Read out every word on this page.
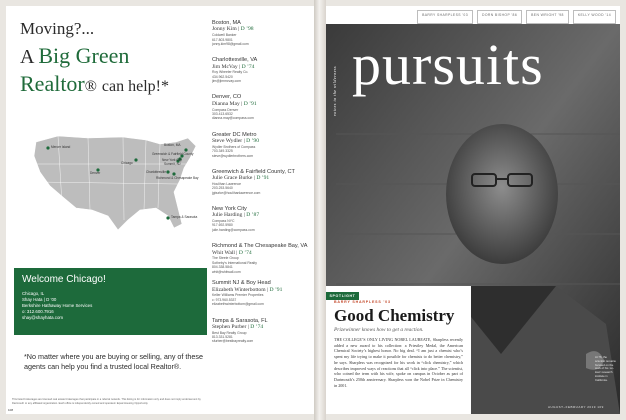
Moving?...
A Big Green
Realtor® can help!*
Mercer Island
Chicago
Boston, MA
Greenwich & Fairfield County
Summit, NJ
New York City
Charlottesville
Richmond & Chesapeake Bay
Denver
Tampa & Sarasota
Welcome Chicago!
Chicago, IL
Shay Hata | D ’00
Berkshire Hathaway Home Services
o: 312.600.7916
shay@shayhata.com
*No matter where you are buying or selling, any of these agents can help you find a trusted local Realtor®.
This listed brokerages are licensed real estate brokerages that participate in a referral network. This listing is for information only and does not imply endorsement by Dartmouth or any affiliated organization. Each office is independently owned and operated. Equal Housing Opportunity.
108
Boston, MA
Jonny Kim | D ’98
Coldwell Banker
617.803.9801
jonny.kim98@gmail.com
Charlottesville, VA
Jim McVay | D ’74
Roy Wheeler Realty Co.
434.962.5420
jim@jimmcvay.com
Denver, CO
Dianna May | D ’91
Compass Denver
303.413.6532
dianna.may@compass.com
Greater DC Metro
Steve Wydler | D ’90
Wydler Brothers of Compass
703.349.3325
steve@wydlerbrothers.com
Greenwich & Fairfield County, CT
Julie Grace Burke | D ’91
Houlihan Lawrence
203.253.5640
jgburke@houlihanlawrence.com
New York City
Julie Harding | D ’87
Compass NYC
917.692.5980
julie.harding@compass.com
Richmond & The Chesapeake Bay, VA
Whit Wall | D ’74
The Steele Group
Sotheby's International Realty
804.338.5841
whit@whitwall.com
Summit NJ & Boy Head
Elizabeth Winterbottom | D ’91
Keller Williams Premier Properties
c: 973.960.5337
elizabethwinterbottom@gmail.com
Tampa & Sarasota, FL
Stephen Purber | D ’74
Best Bay Realty Group
813.331.5281
sfurber@bestbayrealty.com
BARRY SHARPLESS ’03	DORN BISHOP ’86	BEN WRIGHT ’98	KELLY WOOD ’14
pursuits
voices in the wilderness
BARRY SHARPLESS ’03
Good Chemistry
Prizewinner knows how to get a reaction.
THE COLLEGE’S ONLY LIVING NOBEL LAUREATE, Sharpless recently added a new award to his collection: a Priestley Medal, the American Chemical Society’s highest honor. No big deal. “I am just a chemist who’s spent my life trying to make it possible for chemists to do better chemistry,” he says. Sharpless was recognized for his work in “click chemistry,” which describes improved ways of reactions that all “click into place.” The scientist, who coined the term with his wife, spoke on campus in October as part of Dartmouth’s 250th anniversary. Sharpless won the Nobel Prize in Chemistry in 2001.
SPOTLIGHT
At 76, the scientist remains focused on the work of his ‘on-loan’ research institute in California.
AUGUST–FEBRUARY 2019 109
